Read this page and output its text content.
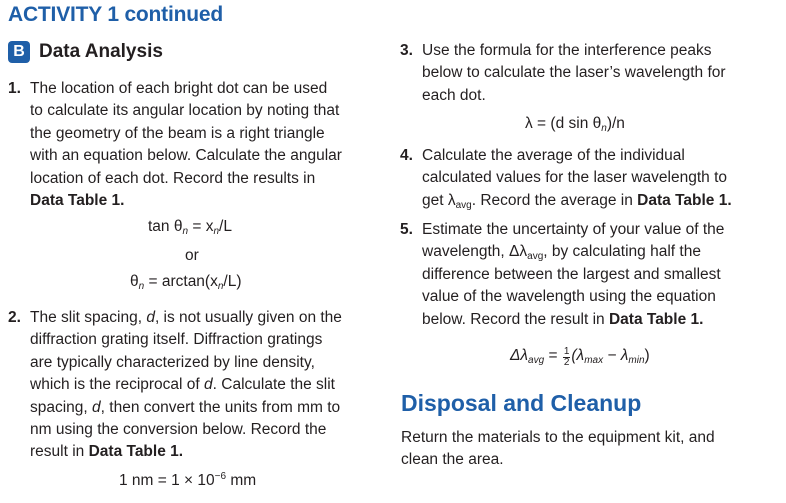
ACTIVITY 1 continued
B Data Analysis
1. The location of each bright dot can be used
to calculate its angular location by noting that
the geometry of the beam is a right triangle
with an equation below. Calculate the angular
location of each dot. Record the results in
Data Table 1.
$\tan \theta_n = x_n/L$
or
$\theta_n = \arctan(x_n/L)$
2. The slit spacing, d, is not usually given on the
diffraction grating itself. Diffraction gratings
are typically characterized by line density,
which is the reciprocal of d. Calculate the slit
spacing, d, then convert the units from mm to
nm using the conversion below. Record the
result in Data Table 1.
1 nm = $1 \times 10^{-6}$ mm
3. Use the formula for the interference peaks
below to calculate the laser’s wavelength for
each dot.
λ = (d $\sin \theta_n)/n$
4. Calculate the average of the individual
calculated values for the laser wavelength to
get $\lambda_{avg}$. Record the average in Data Table 1.
5. Estimate the uncertainty of your value of the
wavelength, $\Delta\lambda_{avg}$, by calculating half the
difference between the largest and smallest
value of the wavelength using the equation
below. Record the result in Data Table 1.
$\Delta\lambda_{avg} = \frac{1}{2} (\lambda_{max} - \lambda_{min})$
Disposal and Cleanup
Return the materials to the equipment kit, and
clean the area.
